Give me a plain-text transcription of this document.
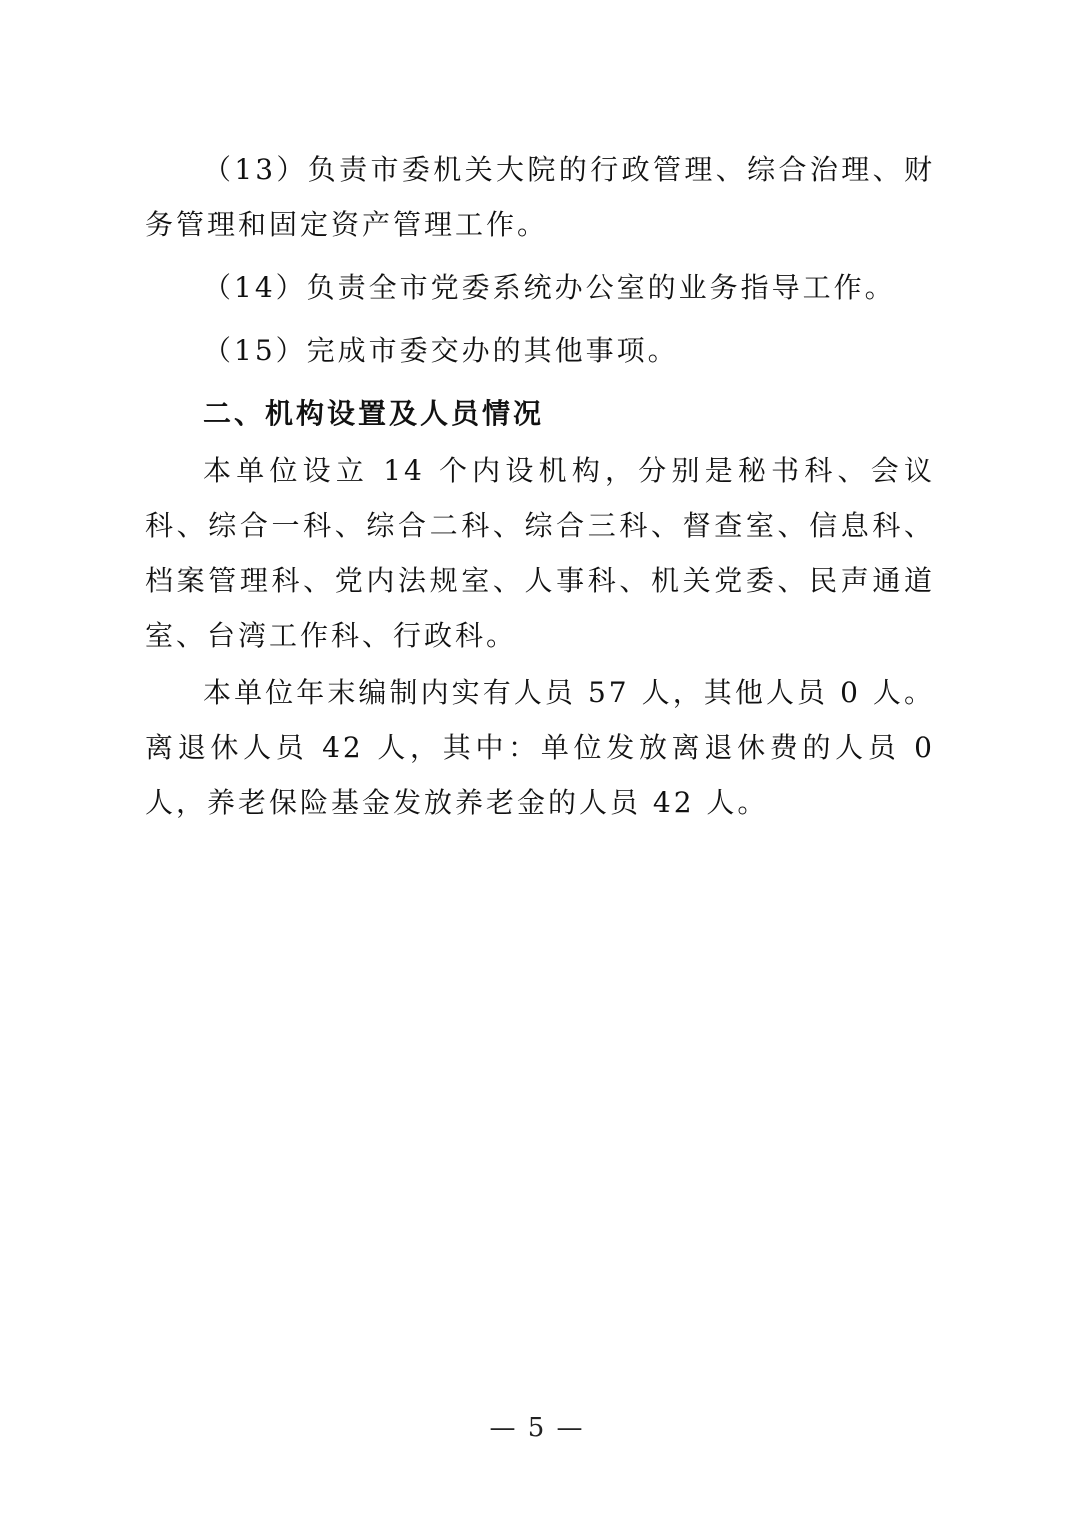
（13）负责市委机关大院的行政管理、综合治理、财务管理和固定资产管理工作。

（14）负责全市党委系统办公室的业务指导工作。

（15）完成市委交办的其他事项。

二、机构设置及人员情况

本单位设立 14 个内设机构，分别是秘书科、会议科、综合一科、综合二科、综合三科、督查室、信息科、档案管理科、党内法规室、人事科、机关党委、民声通道室、台湾工作科、行政科。

本单位年末编制内实有人员 57 人，其他人员 0 人。离退休人员 42 人，其中：单位发放离退休费的人员 0 人，养老保险基金发放养老金的人员 42 人。

— 5 —
